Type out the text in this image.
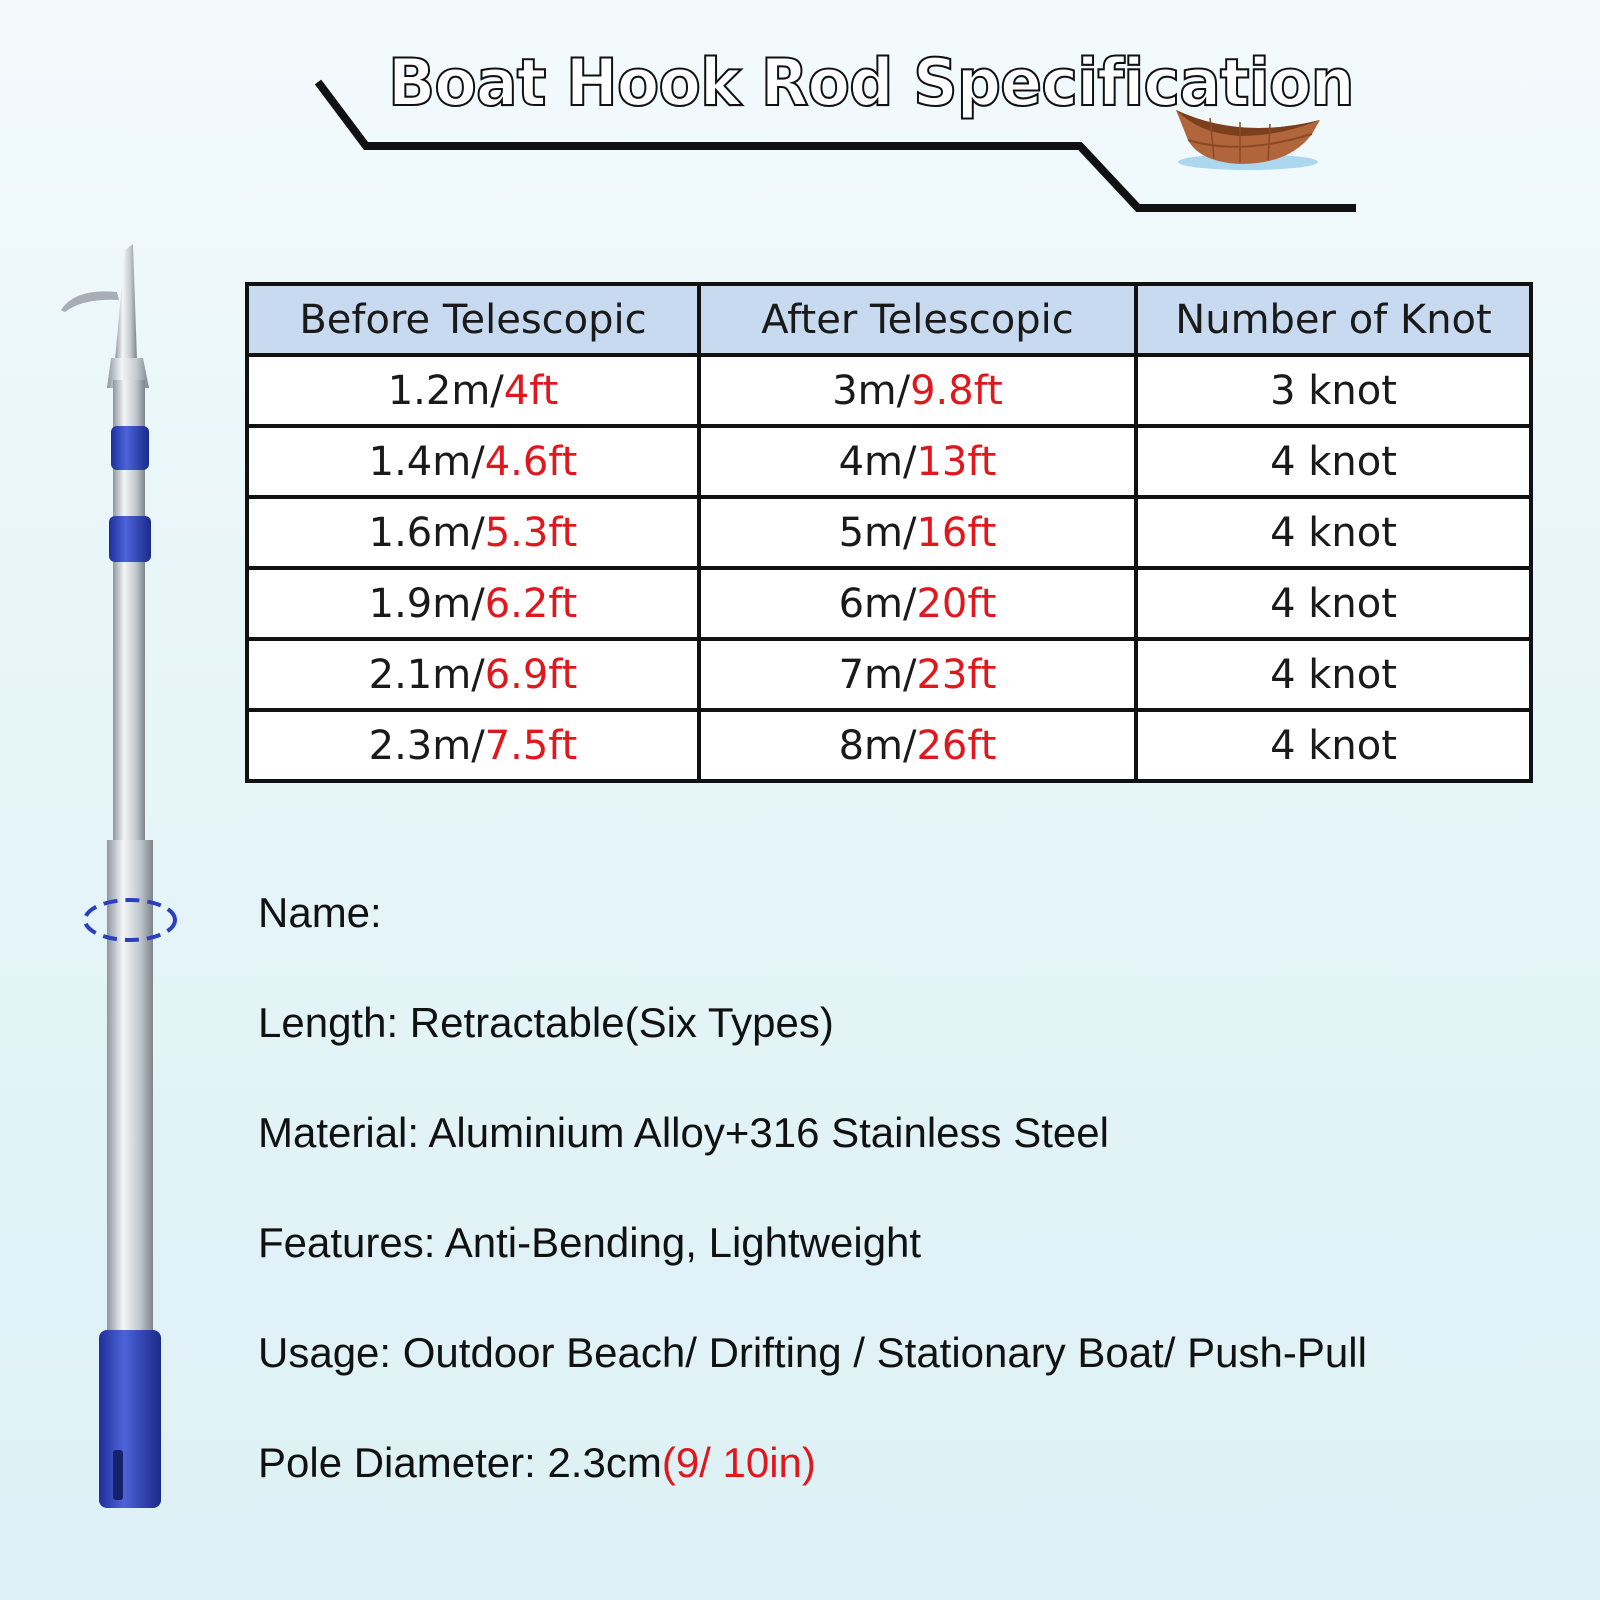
Boat Hook Rod Specification
Before Telescopic	After Telescopic	Number of Knot
1.2m/4ft	3m/9.8ft	3 knot
1.4m/4.6ft	4m/13ft	4 knot
1.6m/5.3ft	5m/16ft	4 knot
1.9m/6.2ft	6m/20ft	4 knot
2.1m/6.9ft	7m/23ft	4 knot
2.3m/7.5ft	8m/26ft	4 knot
Name:
Length: Retractable(Six Types)
Material: Aluminium Alloy+316 Stainless Steel
Features: Anti-Bending, Lightweight
Usage: Outdoor Beach/ Drifting / Stationary Boat/ Push-Pull
Pole Diameter: 2.3cm(9/ 10in)
